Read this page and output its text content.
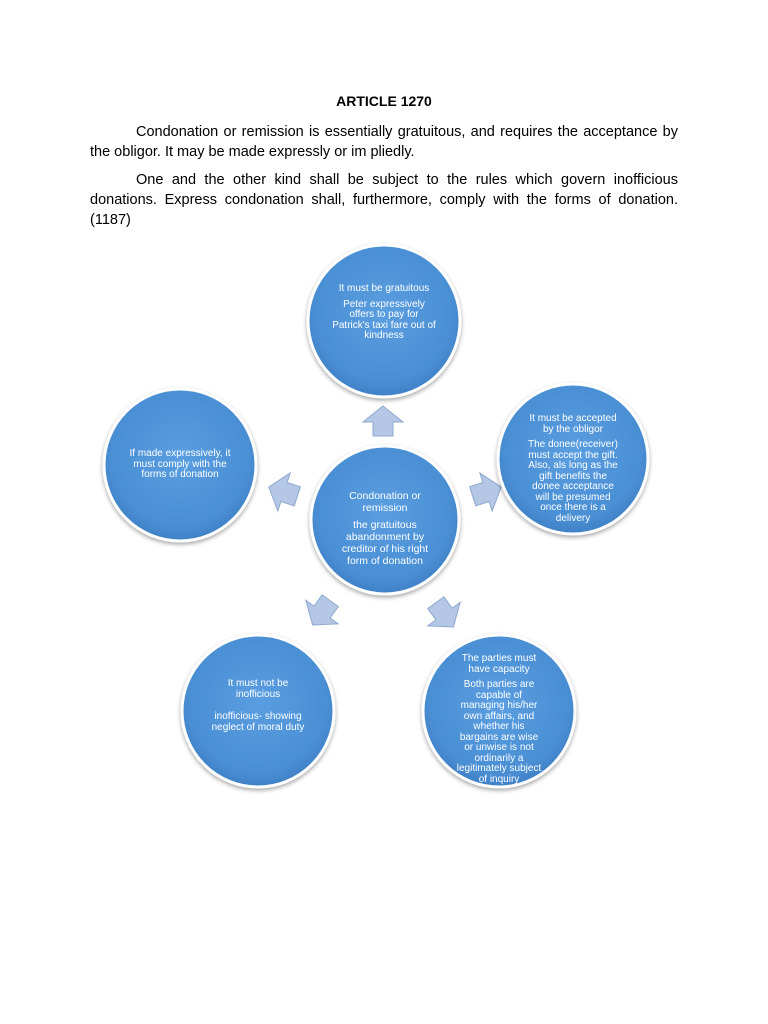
ARTICLE 1270
Condonation or remission is essentially gratuitous, and requires the acceptance by the obligor. It may be made expressly or im pliedly.
One and the other kind shall be subject to the rules which govern inofficious donations. Express condonation shall, furthermore, comply with the forms of donation. (1187)
Condonation or remission
the gratuitous abandonment by creditor of his right form of donation
It must be gratuitous
Peter expressively offers to pay for Patrick's taxi fare out of kindness
It must be accepted by the obligor
The donee(receiver) must accept the gift. Also, als long as the gift benefits the donee acceptance will be presumed once there is a delivery
The parties must have capacity
Both parties are capable of managing his/her own affairs, and whether his bargains are wise or unwise is not ordinarily a legitimately subject of inquiry
It must not be inofficious
inofficious- showing neglect of moral duty
If made expressively, it must comply with the forms of donation
